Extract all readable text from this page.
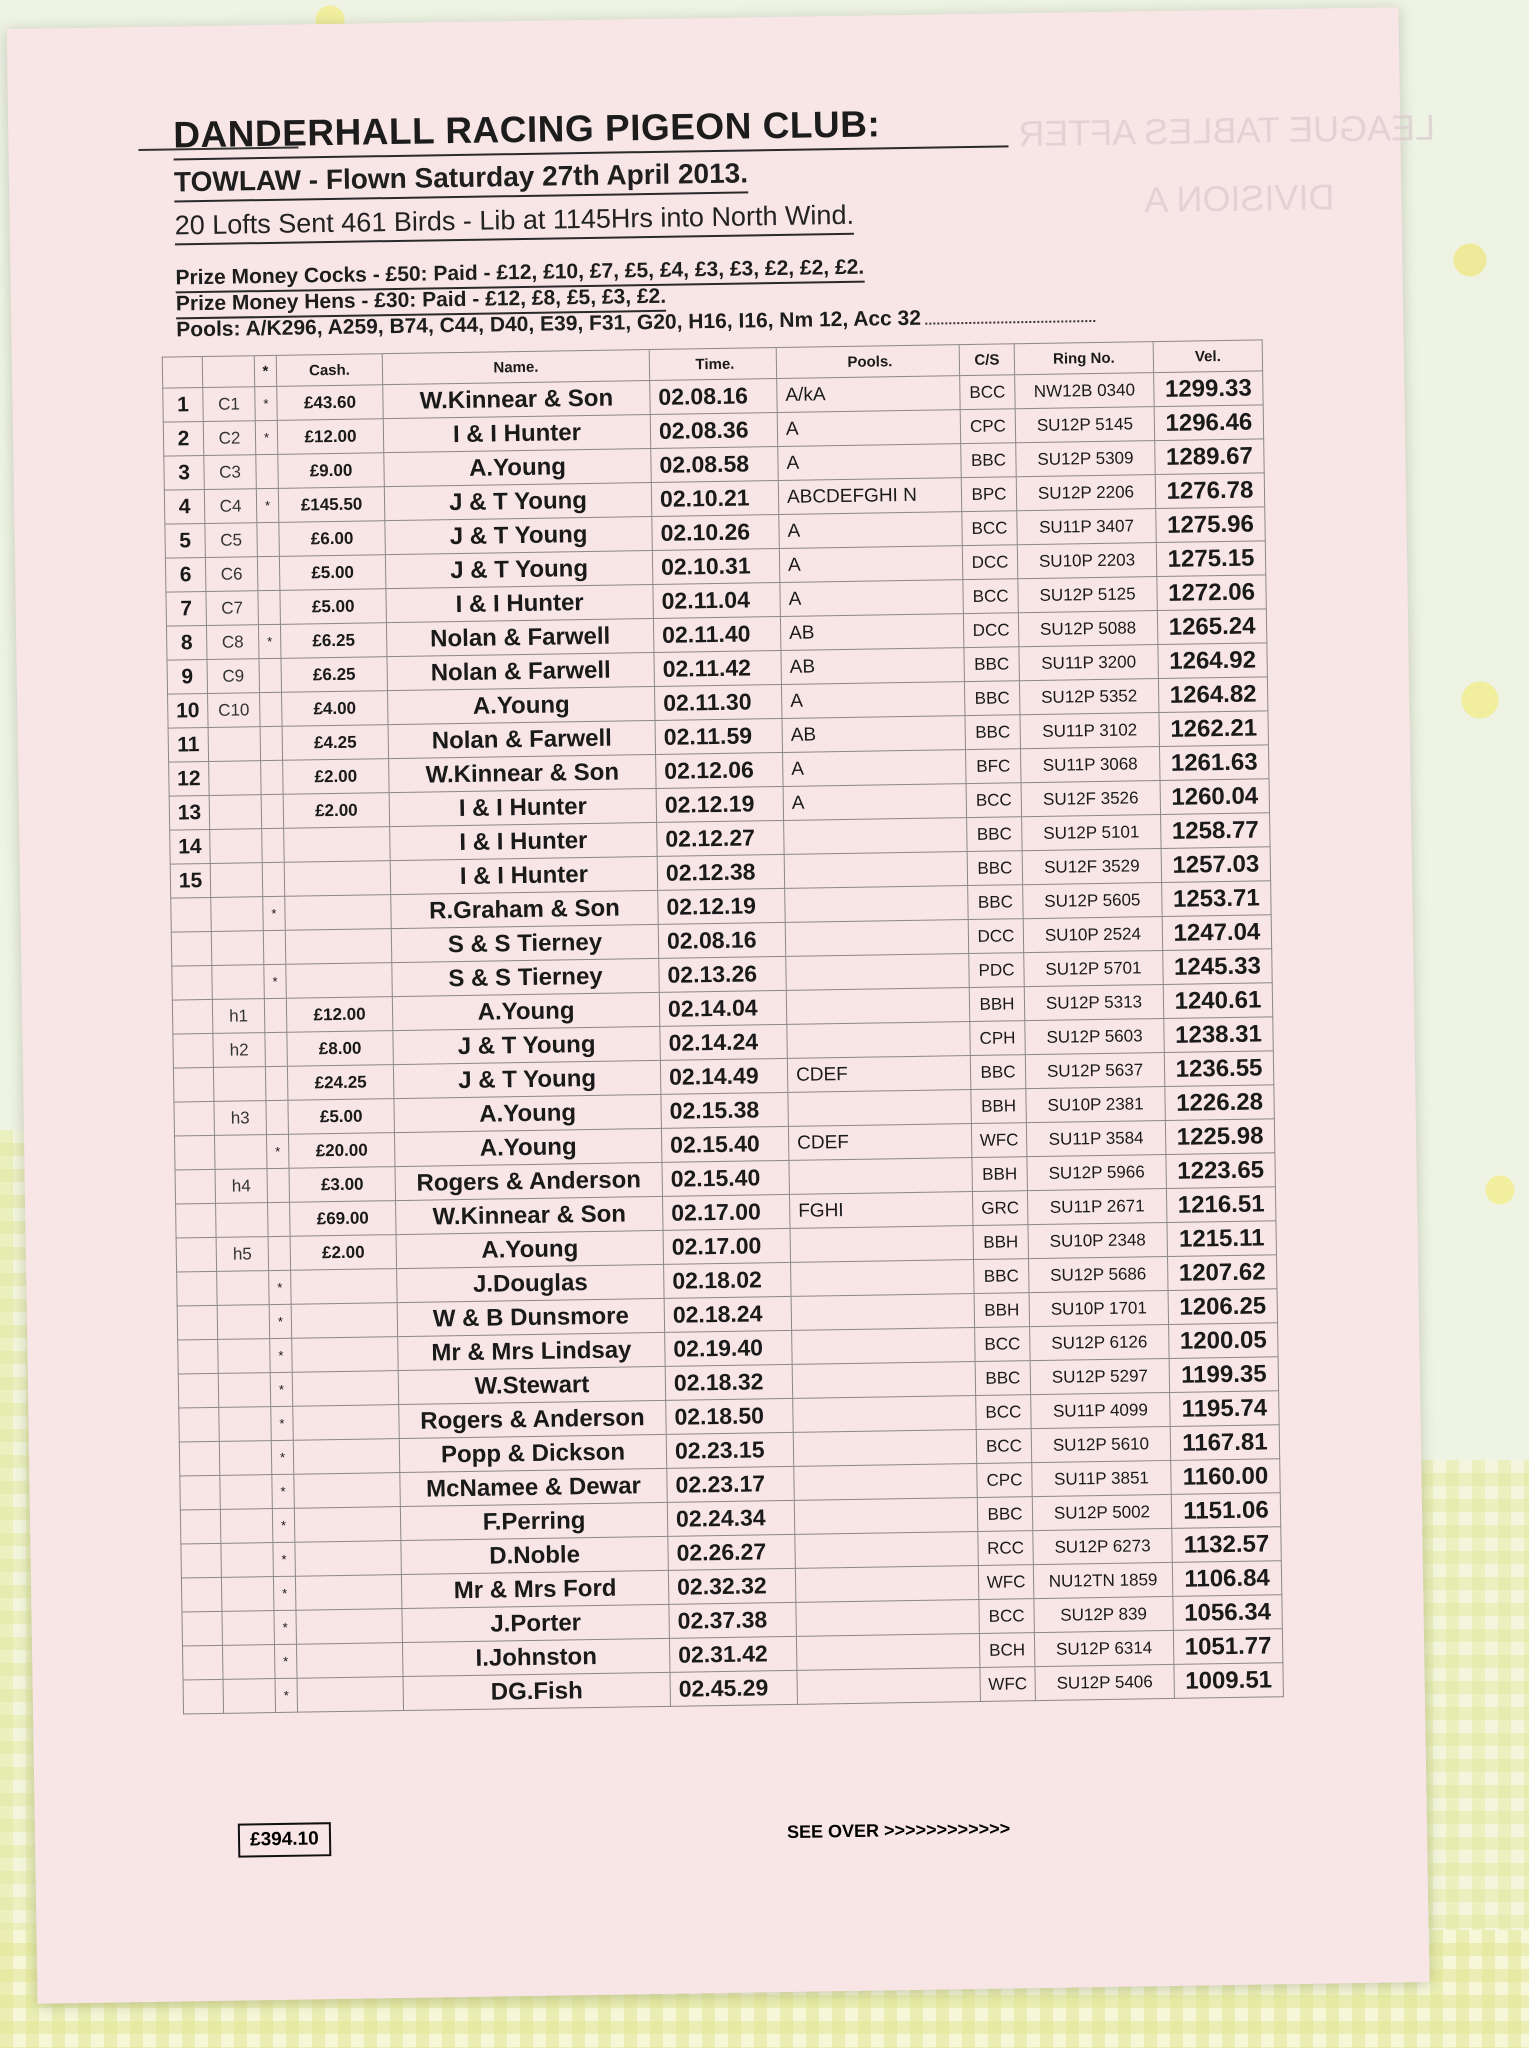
LEAGUE TABLES AFTER
DIVISION A
DANDERHALL RACING PIGEON CLUB:
TOWLAW - Flown Saturday 27th April 2013.
20 Lofts Sent 461 Birds - Lib at 1145Hrs into North Wind.
Prize Money Cocks - £50: Paid - £12, £10, £7, £5, £4, £3, £3, £2, £2, £2.
Prize Money Hens - £30: Paid - £12, £8, £5, £3, £2.
Pools: A/K296, A259, B74, C44, D40, E39, F31, G20, H16, I16, Nm 12, Acc 32
		*	Cash.	Name.	Time.	Pools.	C/S	Ring No.	Vel.
1	C1	*	£43.60	W.Kinnear & Son	02.08.16	A/kA	BCC	NW12B 0340	1299.33
2	C2	*	£12.00	I & I Hunter	02.08.36	A	CPC	SU12P 5145	1296.46
3	C3		£9.00	A.Young	02.08.58	A	BBC	SU12P 5309	1289.67
4	C4	*	£145.50	J & T Young	02.10.21	ABCDEFGHI N	BPC	SU12P 2206	1276.78
5	C5		£6.00	J & T Young	02.10.26	A	BCC	SU11P 3407	1275.96
6	C6		£5.00	J & T Young	02.10.31	A	DCC	SU10P 2203	1275.15
7	C7		£5.00	I & I Hunter	02.11.04	A	BCC	SU12P 5125	1272.06
8	C8	*	£6.25	Nolan & Farwell	02.11.40	AB	DCC	SU12P 5088	1265.24
9	C9		£6.25	Nolan & Farwell	02.11.42	AB	BBC	SU11P 3200	1264.92
10	C10		£4.00	A.Young	02.11.30	A	BBC	SU12P 5352	1264.82
11			£4.25	Nolan & Farwell	02.11.59	AB	BBC	SU11P 3102	1262.21
12			£2.00	W.Kinnear & Son	02.12.06	A	BFC	SU11P 3068	1261.63
13			£2.00	I & I Hunter	02.12.19	A	BCC	SU12F 3526	1260.04
14				I & I Hunter	02.12.27		BBC	SU12P 5101	1258.77
15				I & I Hunter	02.12.38		BBC	SU12F 3529	1257.03
		*		R.Graham & Son	02.12.19		BBC	SU12P 5605	1253.71
				S & S Tierney	02.08.16		DCC	SU10P 2524	1247.04
		*		S & S Tierney	02.13.26		PDC	SU12P 5701	1245.33
	h1		£12.00	A.Young	02.14.04		BBH	SU12P 5313	1240.61
	h2		£8.00	J & T Young	02.14.24		CPH	SU12P 5603	1238.31
			£24.25	J & T Young	02.14.49	CDEF	BBC	SU12P 5637	1236.55
	h3		£5.00	A.Young	02.15.38		BBH	SU10P 2381	1226.28
		*	£20.00	A.Young	02.15.40	CDEF	WFC	SU11P 3584	1225.98
	h4		£3.00	Rogers & Anderson	02.15.40		BBH	SU12P 5966	1223.65
			£69.00	W.Kinnear & Son	02.17.00	FGHI	GRC	SU11P 2671	1216.51
	h5		£2.00	A.Young	02.17.00		BBH	SU10P 2348	1215.11
		*		J.Douglas	02.18.02		BBC	SU12P 5686	1207.62
		*		W & B Dunsmore	02.18.24		BBH	SU10P 1701	1206.25
		*		Mr & Mrs Lindsay	02.19.40		BCC	SU12P 6126	1200.05
		*		W.Stewart	02.18.32		BBC	SU12P 5297	1199.35
		*		Rogers & Anderson	02.18.50		BCC	SU11P 4099	1195.74
		*		Popp & Dickson	02.23.15		BCC	SU12P 5610	1167.81
		*		McNamee & Dewar	02.23.17		CPC	SU11P 3851	1160.00
		*		F.Perring	02.24.34		BBC	SU12P 5002	1151.06
		*		D.Noble	02.26.27		RCC	SU12P 6273	1132.57
		*		Mr & Mrs Ford	02.32.32		WFC	NU12TN 1859	1106.84
		*		J.Porter	02.37.38		BCC	SU12P 839	1056.34
		*		I.Johnston	02.31.42		BCH	SU12P 6314	1051.77
		*		DG.Fish	02.45.29		WFC	SU12P 5406	1009.51
£394.10	SEE OVER >>>>>>>>>>>>
